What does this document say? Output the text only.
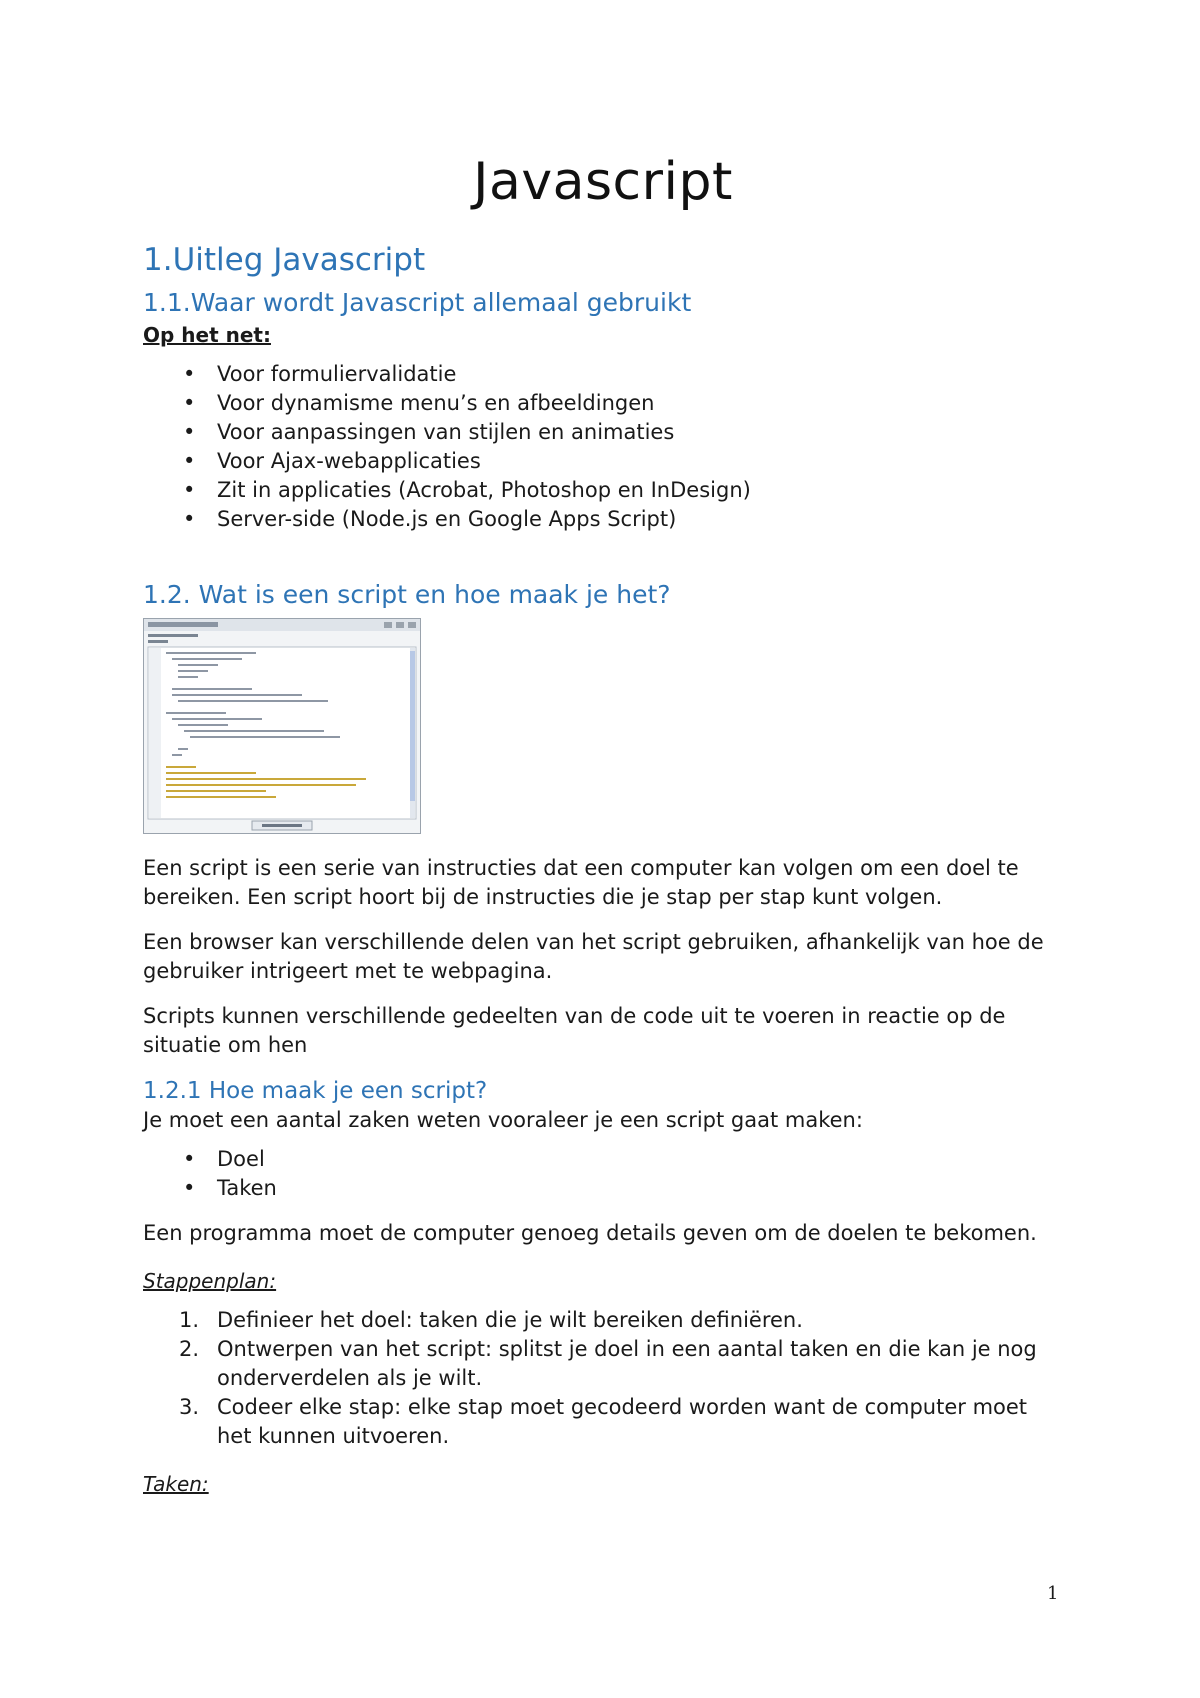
Javascript
1.Uitleg Javascript
1.1.Waar wordt Javascript allemaal gebruikt

Op het net:

• Voor formuliervalidatie
• Voor dynamisme menu’s en afbeeldingen
• Voor aanpassingen van stijlen en animaties
• Voor Ajax-webapplicaties
• Zit in applicaties (Acrobat, Photoshop en InDesign)
• Server-side (Node.js en Google Apps Script)
1.2. Wat is een script en hoe maak je het?

Een script is een serie van instructies dat een computer kan volgen om een doel te bereiken. Een script hoort bij de instructies die je stap per stap kunt volgen.

Een browser kan verschillende delen van het script gebruiken, afhankelijk van hoe de gebruiker intrigeert met te webpagina.

Scripts kunnen verschillende gedeelten van de code uit te voeren in reactie op de situatie om hen

1.2.1 Hoe maak je een script?

Je moet een aantal zaken weten vooraleer je een script gaat maken:

• Doel
• Taken

Een programma moet de computer genoeg details geven om de doelen te bekomen.

Stappenplan:

1. Definieer het doel: taken die je wilt bereiken definiëren.
2. Ontwerpen van het script: splitst je doel in een aantal taken en die kan je nog onderverdelen als je wilt.
3. Codeer elke stap: elke stap moet gecodeerd worden want de computer moet het kunnen uitvoeren.

Taken:

1
